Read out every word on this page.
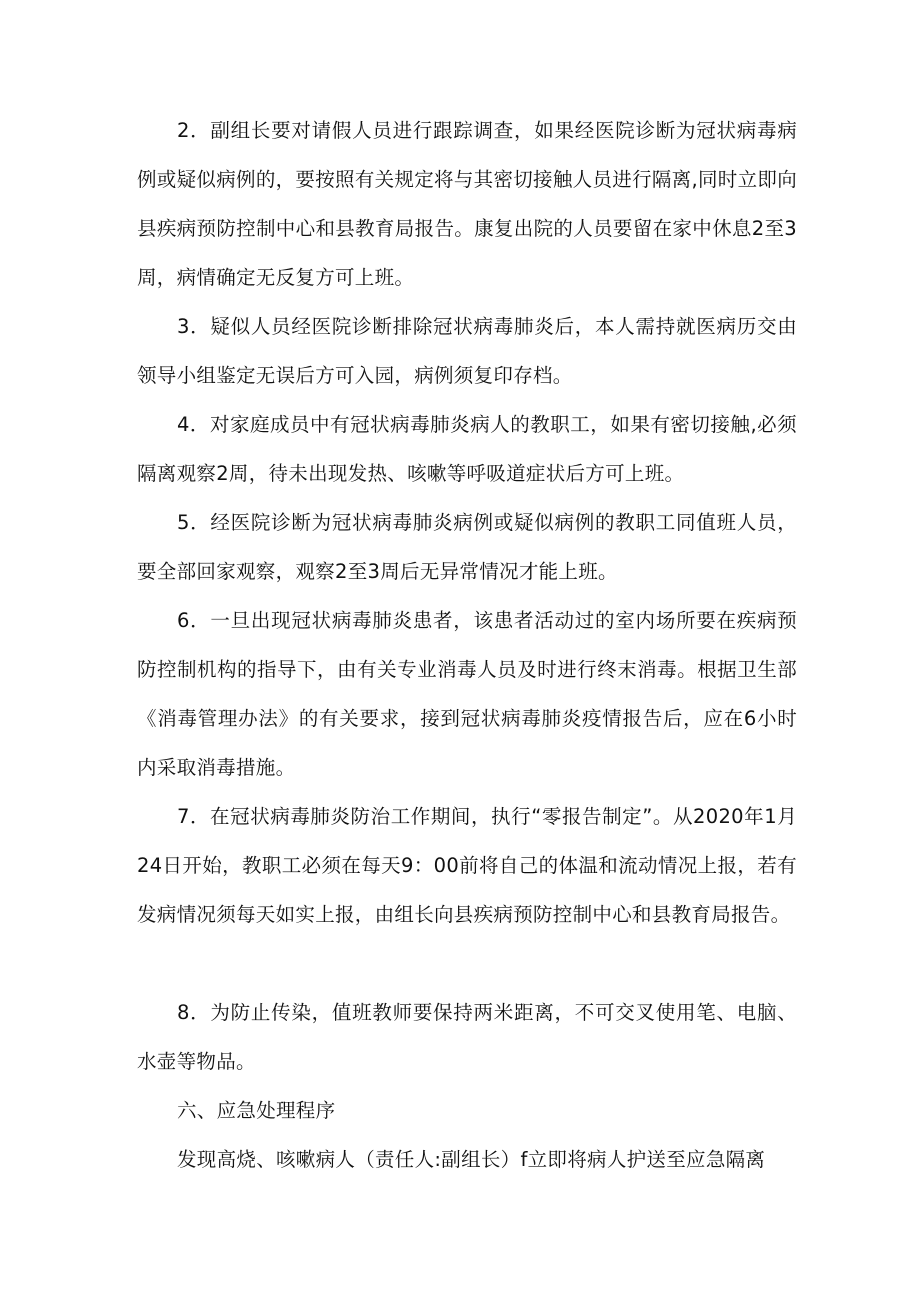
2．副组长要对请假人员进行跟踪调查，如果经医院诊断为冠状病毒病例或疑似病例的，要按照有关规定将与其密切接触人员进行隔离,同时立即向县疾病预防控制中心和县教育局报告。康复出院的人员要留在家中休息2至3周，病情确定无反复方可上班。

3．疑似人员经医院诊断排除冠状病毒肺炎后，本人需持就医病历交由领导小组鉴定无误后方可入园，病例须复印存档。

4．对家庭成员中有冠状病毒肺炎病人的教职工，如果有密切接触,必须隔离观察2周，待未出现发热、咳嗽等呼吸道症状后方可上班。

5．经医院诊断为冠状病毒肺炎病例或疑似病例的教职工同值班人员，要全部回家观察，观察2至3周后无异常情况才能上班。

6．一旦出现冠状病毒肺炎患者，该患者活动过的室内场所要在疾病预防控制机构的指导下，由有关专业消毒人员及时进行终末消毒。根据卫生部《消毒管理办法》的有关要求，接到冠状病毒肺炎疫情报告后，应在6小时内采取消毒措施。

7．在冠状病毒肺炎防治工作期间，执行“零报告制定”。从2020年1月24日开始，教职工必须在每天9：00前将自己的体温和流动情况上报，若有发病情况须每天如实上报，由组长向县疾病预防控制中心和县教育局报告。

8．为防止传染，值班教师要保持两米距离，不可交叉使用笔、电脑、水壶等物品。

六、应急处理程序

发现高烧、咳嗽病人（责任人:副组长）f立即将病人护送至应急隔离
